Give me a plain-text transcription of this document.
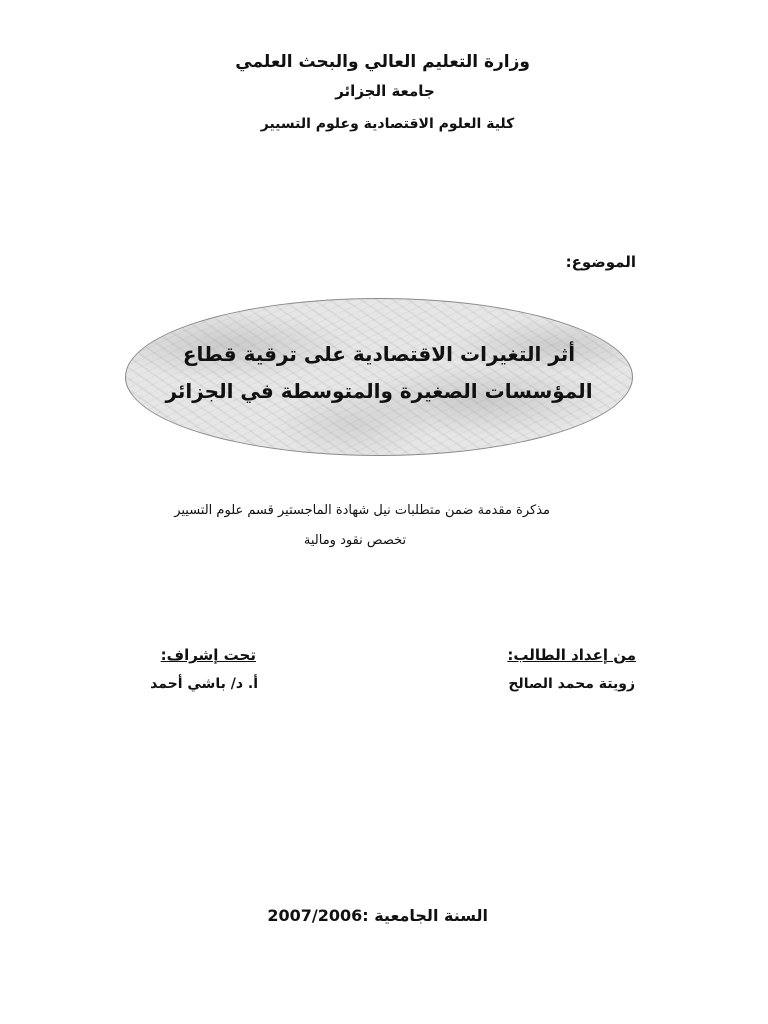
وزارة التعليم العالي والبحث العلمي
جامعة الجزائر
كلية العلوم الاقتصادية وعلوم التسيير
الموضوع:
أثر التغيرات الاقتصادية على ترقية قطاع
المؤسسات الصغيرة والمتوسطة في الجزائر
مذكرة مقدمة ضمن متطلبات نيل شهادة الماجستير قسم علوم التسيير
تخصص نقود ومالية
من إعداد الطالب:
زويتة محمد الصالح
تحت إشراف:
أ. د/ باشي أحمد
السنة الجامعية :2007/2006
